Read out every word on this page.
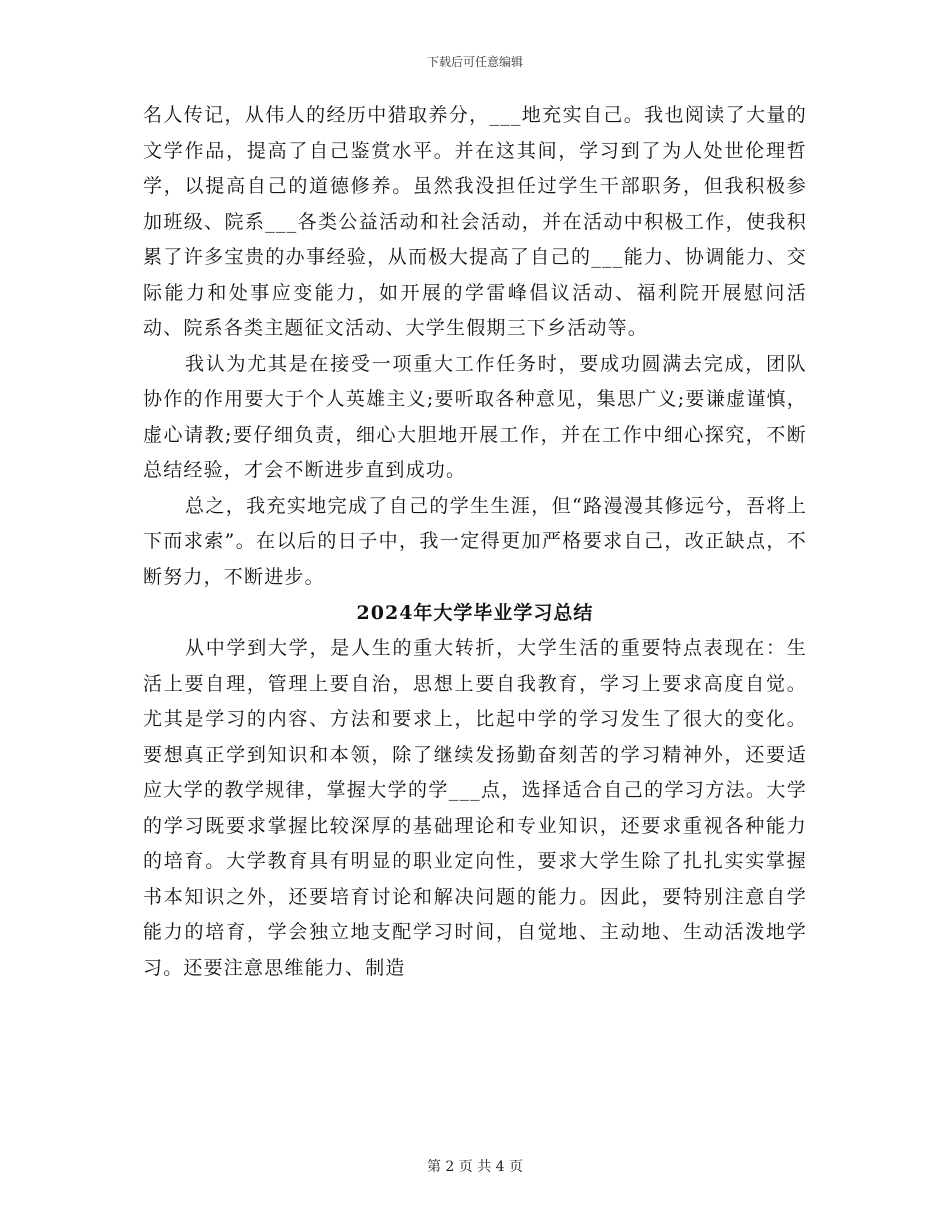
下载后可任意编辑

名人传记，从伟人的经历中猎取养分，___地充实自己。我也阅读了大量的文学作品，提高了自己鉴赏水平。并在这其间，学习到了为人处世伦理哲学，以提高自己的道德修养。虽然我没担任过学生干部职务，但我积极参加班级、院系___各类公益活动和社会活动，并在活动中积极工作，使我积累了许多宝贵的办事经验，从而极大提高了自己的___能力、协调能力、交际能力和处事应变能力，如开展的学雷峰倡议活动、福利院开展慰问活动、院系各类主题征文活动、大学生假期三下乡活动等。

我认为尤其是在接受一项重大工作任务时，要成功圆满去完成，团队协作的作用要大于个人英雄主义;要听取各种意见，集思广义;要谦虚谨慎，虚心请教;要仔细负责，细心大胆地开展工作，并在工作中细心探究，不断总结经验，才会不断进步直到成功。

总之，我充实地完成了自己的学生生涯，但“路漫漫其修远兮，吾将上下而求索”。在以后的日子中，我一定得更加严格要求自己，改正缺点，不断努力，不断进步。

2024年大学毕业学习总结

从中学到大学，是人生的重大转折，大学生活的重要特点表现在：生活上要自理，管理上要自治，思想上要自我教育，学习上要求高度自觉。尤其是学习的内容、方法和要求上，比起中学的学习发生了很大的变化。要想真正学到知识和本领，除了继续发扬勤奋刻苦的学习精神外，还要适应大学的教学规律，掌握大学的学___点，选择适合自己的学习方法。大学的学习既要求掌握比较深厚的基础理论和专业知识，还要求重视各种能力的培育。大学教育具有明显的职业定向性，要求大学生除了扎扎实实掌握书本知识之外，还要培育讨论和解决问题的能力。因此，要特别注意自学能力的培育，学会独立地支配学习时间，自觉地、主动地、生动活泼地学习。还要注意思维能力、制造

第 2 页 共 4 页
